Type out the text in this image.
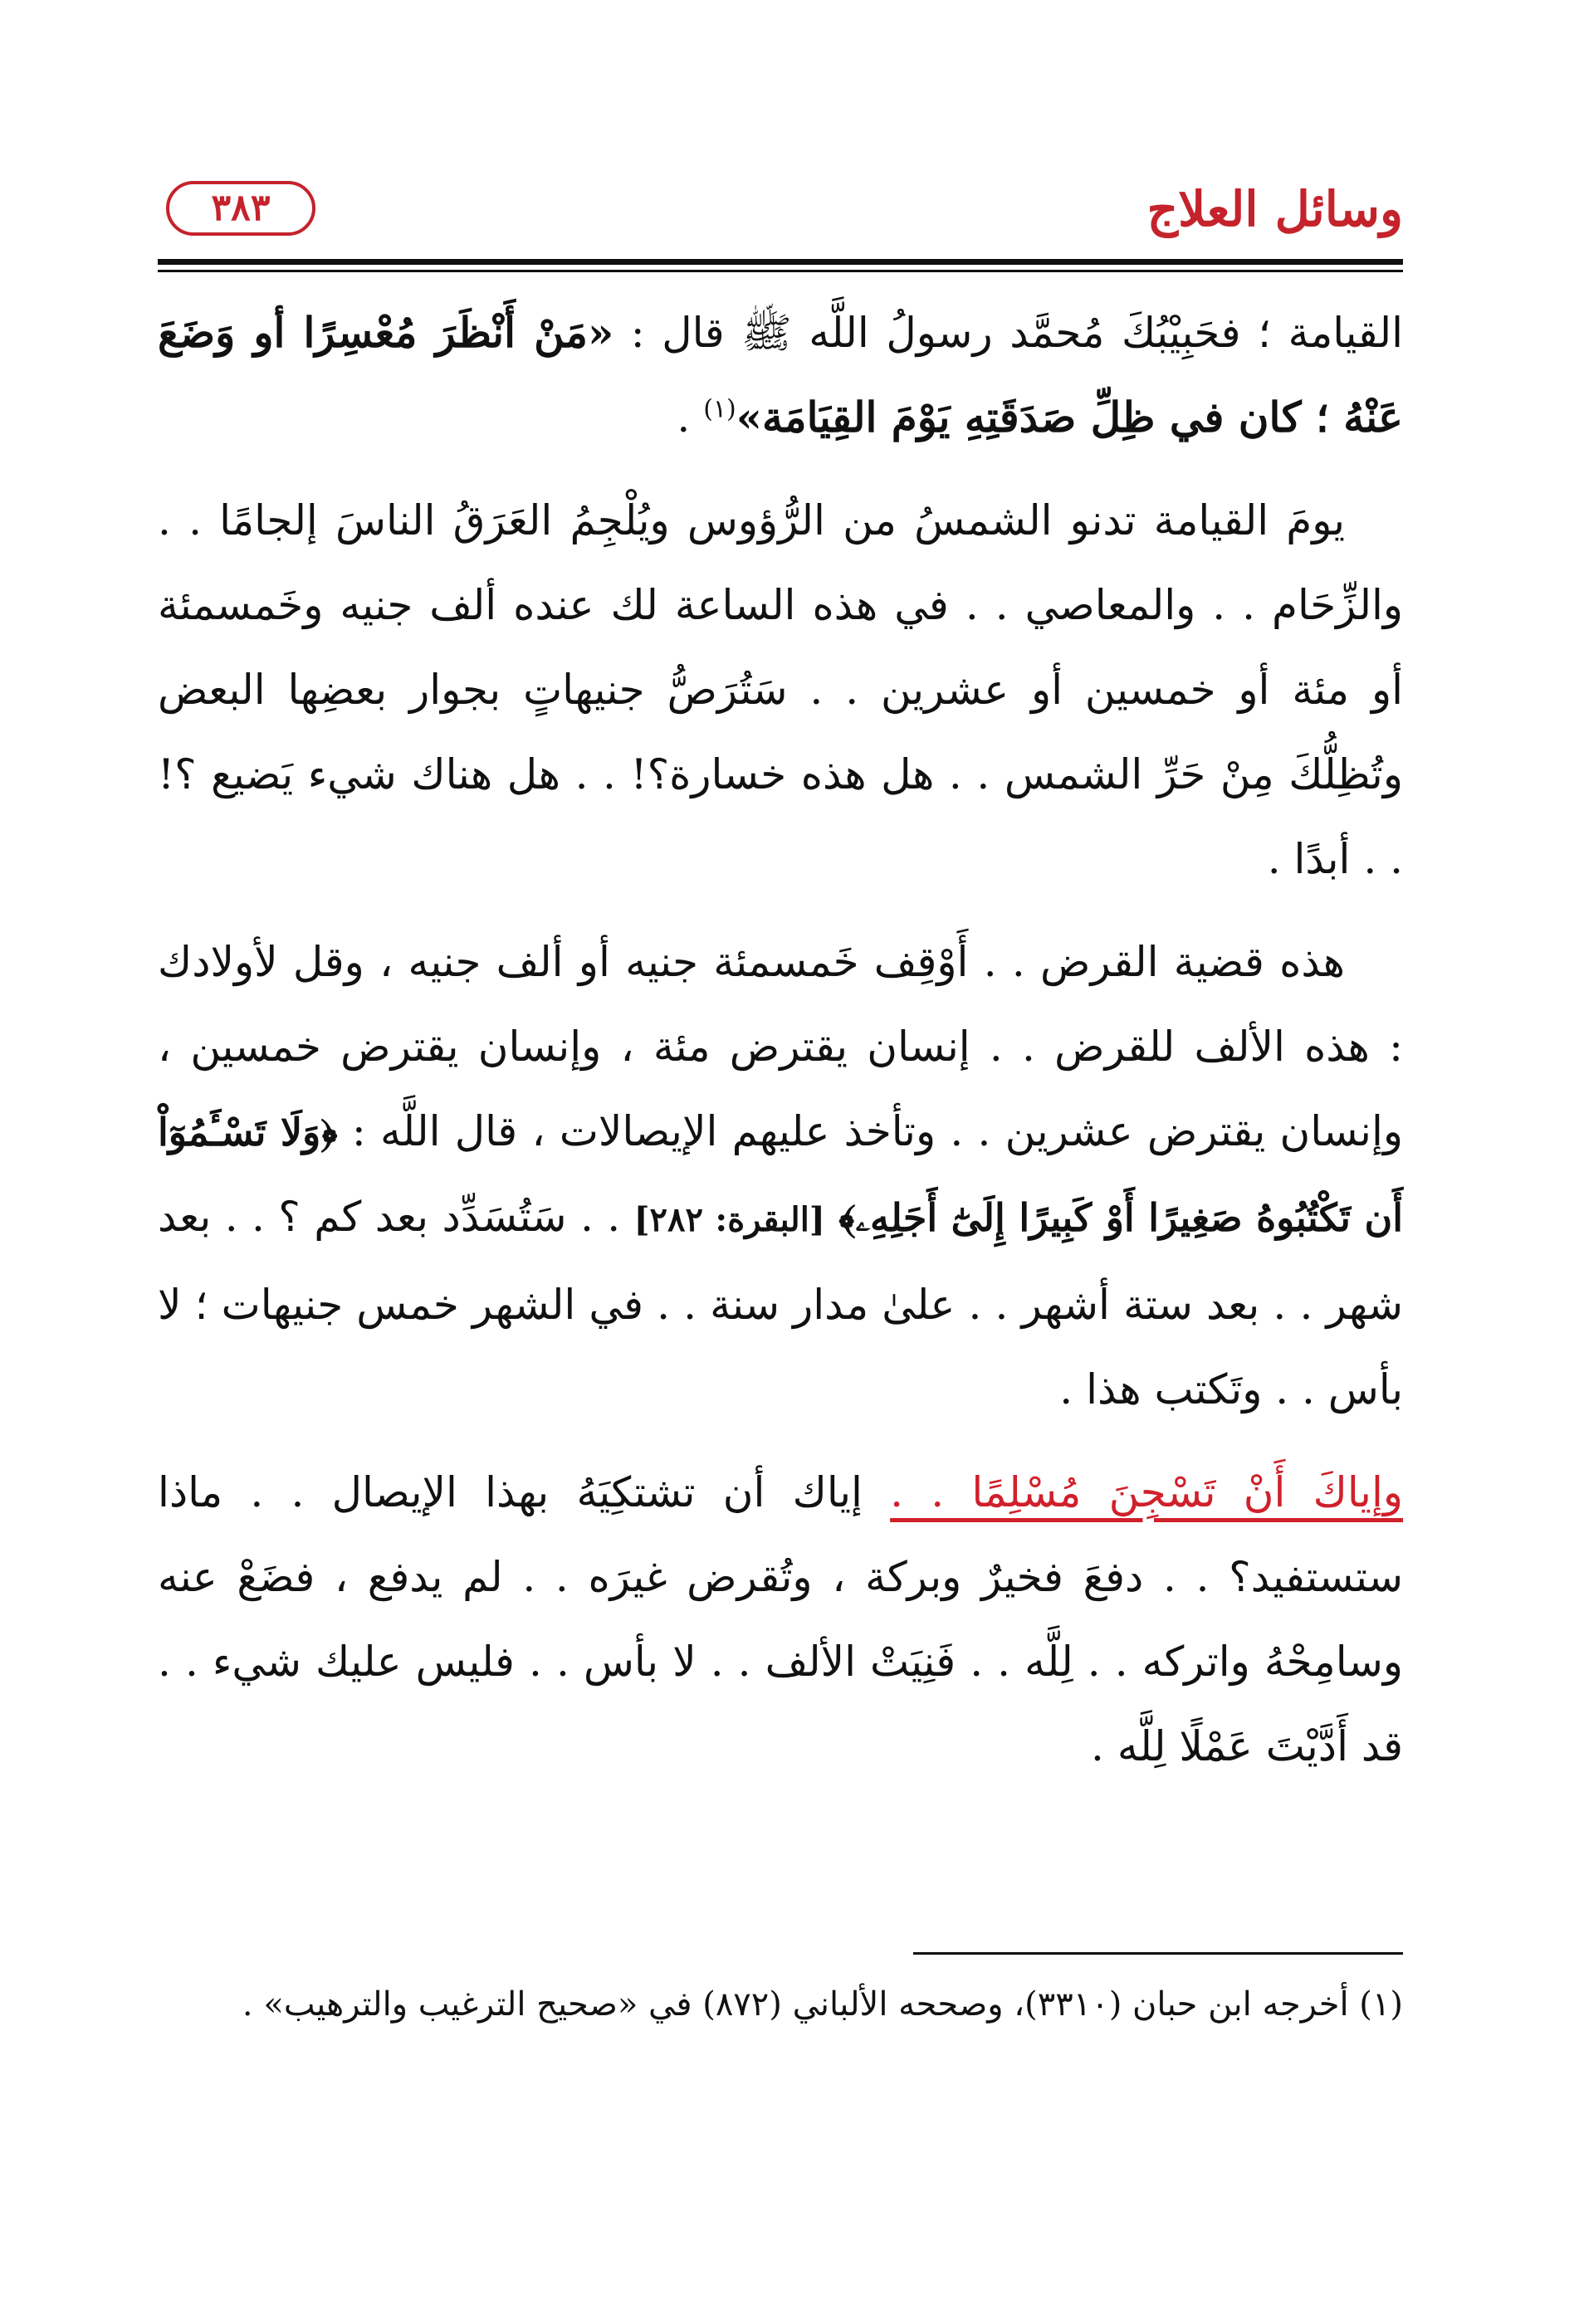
وسائل العلاج
٣٨٣

القيامة ؛ فحَبِيْبُكَ مُحمَّد رسولُ اللَّه ﷺ قال : «مَنْ أَنْظَرَ مُعْسِرًا أو وَضَعَ عَنْهُ ؛ كان في ظِلِّ صَدَقَتِهِ يَوْمَ القِيَامَة»$^{(١)}$ .

يومَ القيامة تدنو الشمسُ من الرُّؤوس ويُلْجِمُ العَرَقُ الناسَ إلجامًا . . والزِّحَام . . والمعاصي . . في هذه الساعة لك عنده ألف جنيه وخَمسمئة أو مئة أو خمسين أو عشرين . . سَتُرَصُّ جنيهاتٍ بجوار بعضِها البعض وتُظِلُّكَ مِنْ حَرِّ الشمس . . هل هذه خسارة؟! . . هل هناك شيء يَضيع ؟! . . أبدًا .

هذه قضية القرض . . أَوْقِف خَمسمئة جنيه أو ألف جنيه ، وقل لأولادك : هذه الألف للقرض . . إنسان يقترض مئة ، وإنسان يقترض خمسين ، وإنسان يقترض عشرين . . وتأخذ عليهم الإيصالات ، قال اللَّه : ﴿وَلَا تَسْـَٔمُوٓاْ أَن تَكْتُبُوهُ صَغِيرًا أَوْ كَبِيرًا إِلَىٰٓ أَجَلِهِۦ﴾ [البقرة: ٢٨٢] . . سَتُسَدِّد بعد كم ؟ . . بعد شهر . . بعد ستة أشهر . . علىٰ مدار سنة . . في الشهر خمس جنيهات ؛ لا بأس . . وتَكتب هذا .

وإياكَ أَنْ تَسْجِنَ مُسْلِمًا . . إياك أن تشتكِيَهُ بهذا الإيصال . . ماذا ستستفيد؟ . . دفعَ فخيرٌ وبركة ، وتُقرض غيرَه . . لم يدفع ، فضَعْ عنه وسامِحْهُ واتركه . . لِلَّه . . فَنِيَتْ الألف . . لا بأس . . فليس عليك شيء . . قد أَدَّيْتَ عَمْلًا لِلَّه .

(١) أخرجه ابن حبان (٣٣١٠)، وصححه الألباني (٨٧٢) في «صحيح الترغيب والترهيب» .
